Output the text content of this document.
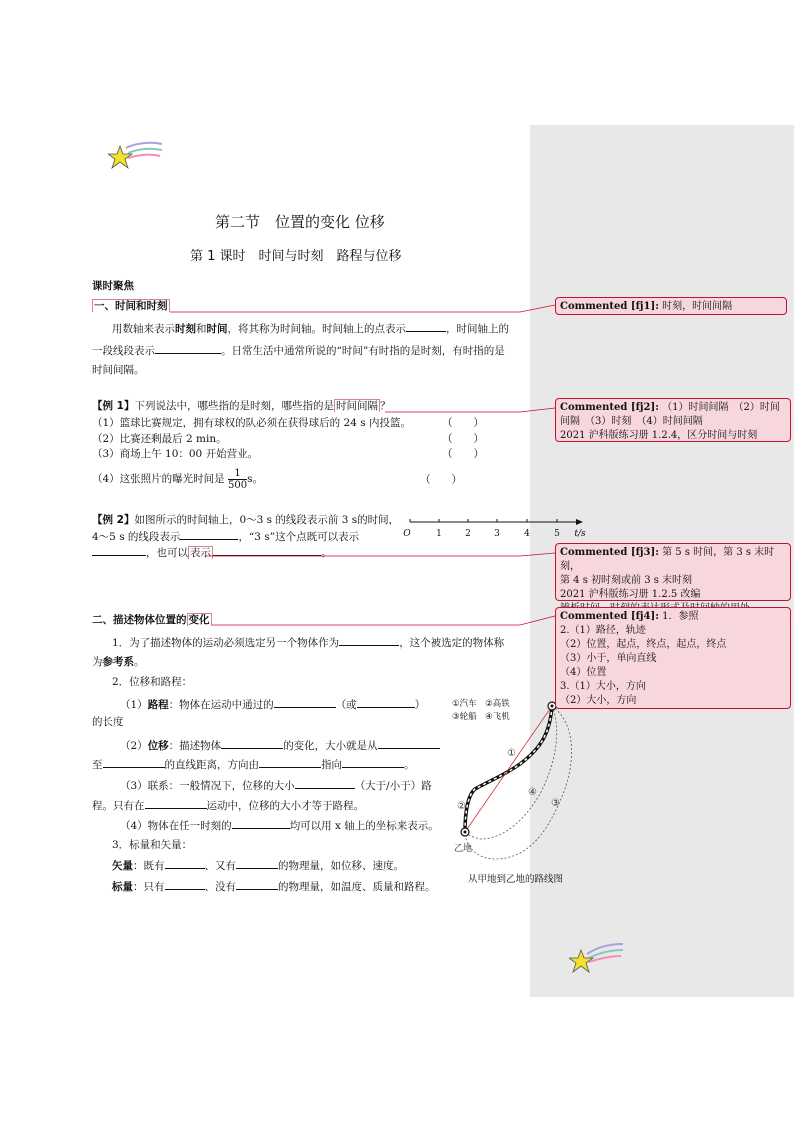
第二节　位置的变化 位移
第 1 课时　时间与时刻　路程与位移
课时聚焦
一、时间和时刻
用数轴来表示时刻和时间，将其称为时间轴。时间轴上的点表示	，时间轴上的
一段线段表示	。日常生活中通常所说的“时间”有时指的是时刻，有时指的是
时间间隔。
【例 1】下列说法中，哪些指的是时刻，哪些指的是 时间间隔 ？
（1）篮球比赛规定，拥有球权的队必须在获得球后的 24 s 内投篮。	（　　）
（2）比赛还剩最后 2 min。	（　　）
（3）商场上午 10：00 开始营业。	（　　）
（4）这张照片的曝光时间是 $\frac{1}{500}$ s。	（　　）
【例 2】如图所示的时间轴上，0～3 s 的线段表示前 3 s的时间，
4～5 s 的线段表示	，“3 s”这个点既可以表示
，也可以 表示	。
O	1	2	3	4	5 t/s
二、描述物体位置的 变化
1．为了描述物体的运动必须选定另一个物体作为	，这个被选定的物体称
为参考系。
2．位移和路程：
（1）路程：物体在运动中通过的	（或	）
的长度
（2）位移：描述物体	的变化，大小就是从
至	的直线距离，方向由	指向	。
（3）联系：一般情况下，位移的大小	（大于/小于）路
程。只有在	运动中，位移的大小才等于路程。
（4）物体在任一时刻的	均可以用 x 轴上的坐标来表示。
3．标量和矢量：
矢量：既有	、又有	的物理量，如位移、速度。
标量：只有	、没有	的物理量，如温度、质量和路程。
①汽车　②高铁
③轮船　④飞机
①
②	③
④
乙地
从甲地到乙地的路线图
Commented [fj1]: 时刻，时间间隔
Commented [fj2]: （1）时间间隔　（2）时间
间隔　（3）时刻　（4）时间间隔
2021 沪科版练习册 1.2.4，区分时间与时刻
Commented [fj3]: 第 5 s 时间，第 3 s 末时刻，
第 4 s 初时刻或前 3 s 末时刻
2021 沪科版练习册 1.2.5 改编
Commented [fj4]: 1．参照
2.（1）路径，轨迹
（2）位置，起点，终点，起点，终点
（3）小于，单向直线
（4）位置
3.（1）大小，方向
（2）大小，方向
